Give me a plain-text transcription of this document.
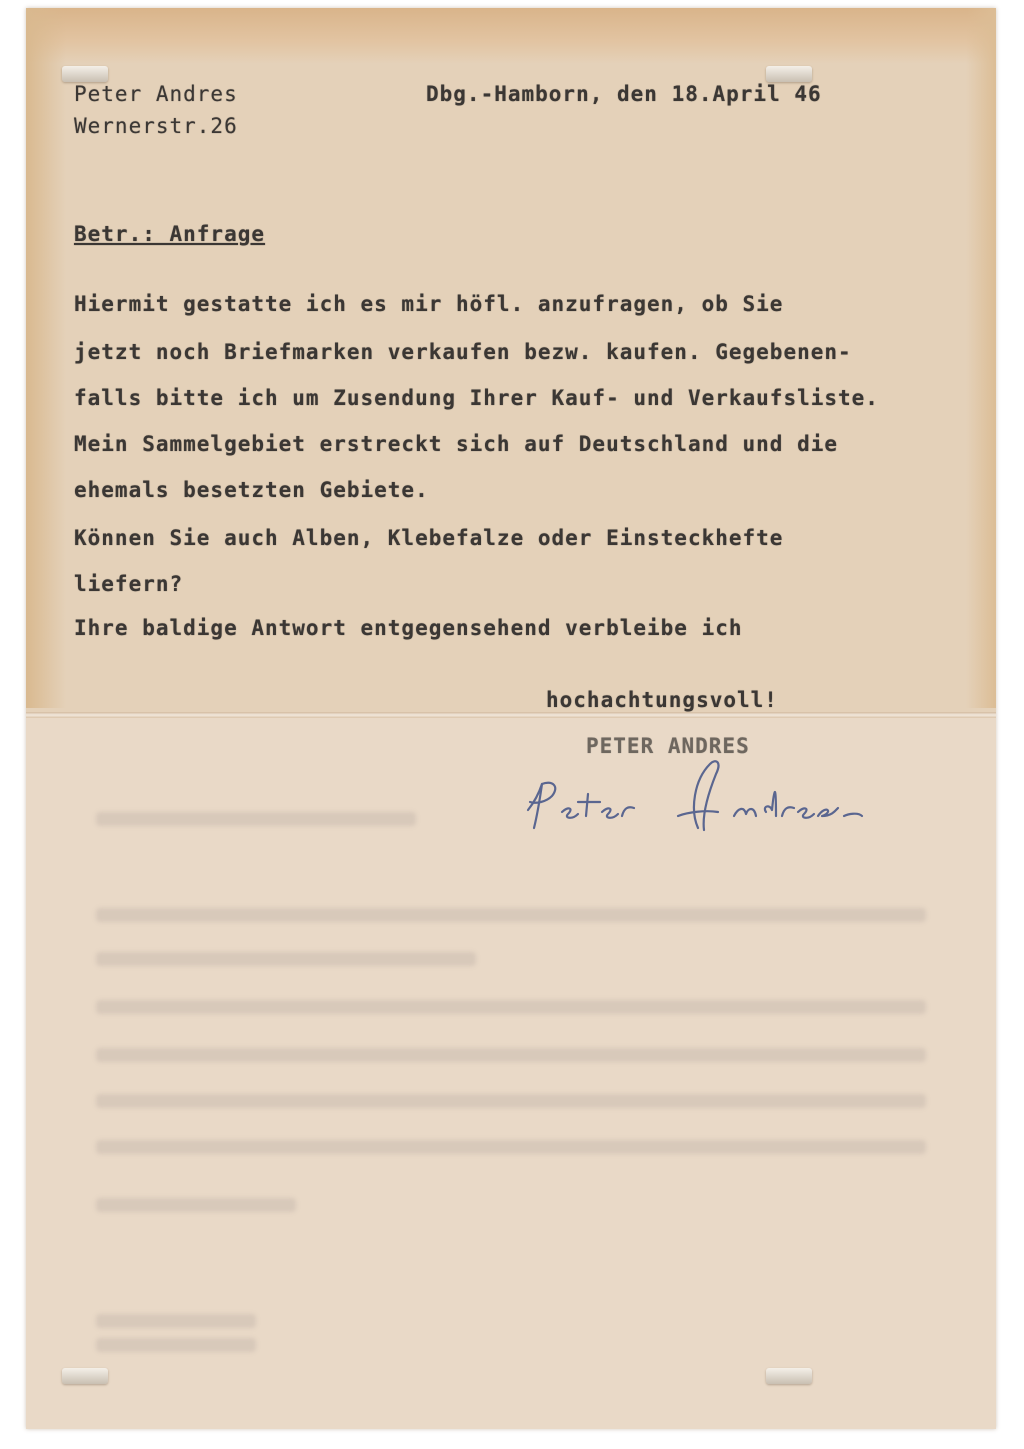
Peter Andres
Wernerstr.26
Dbg.-Hamborn, den 18.April 46
Betr.: Anfrage
Hiermit gestatte ich es mir höfl. anzufragen, ob Sie
jetzt noch Briefmarken verkaufen bezw. kaufen. Gegebenen-
falls bitte ich um Zusendung Ihrer Kauf- und Verkaufsliste.
Mein Sammelgebiet erstreckt sich auf Deutschland und die
ehemals besetzten Gebiete.
Können Sie auch Alben, Klebefalze oder Einsteckhefte
liefern?
Ihre baldige Antwort entgegensehend verbleibe ich
hochachtungsvoll!
PETER ANDRES
